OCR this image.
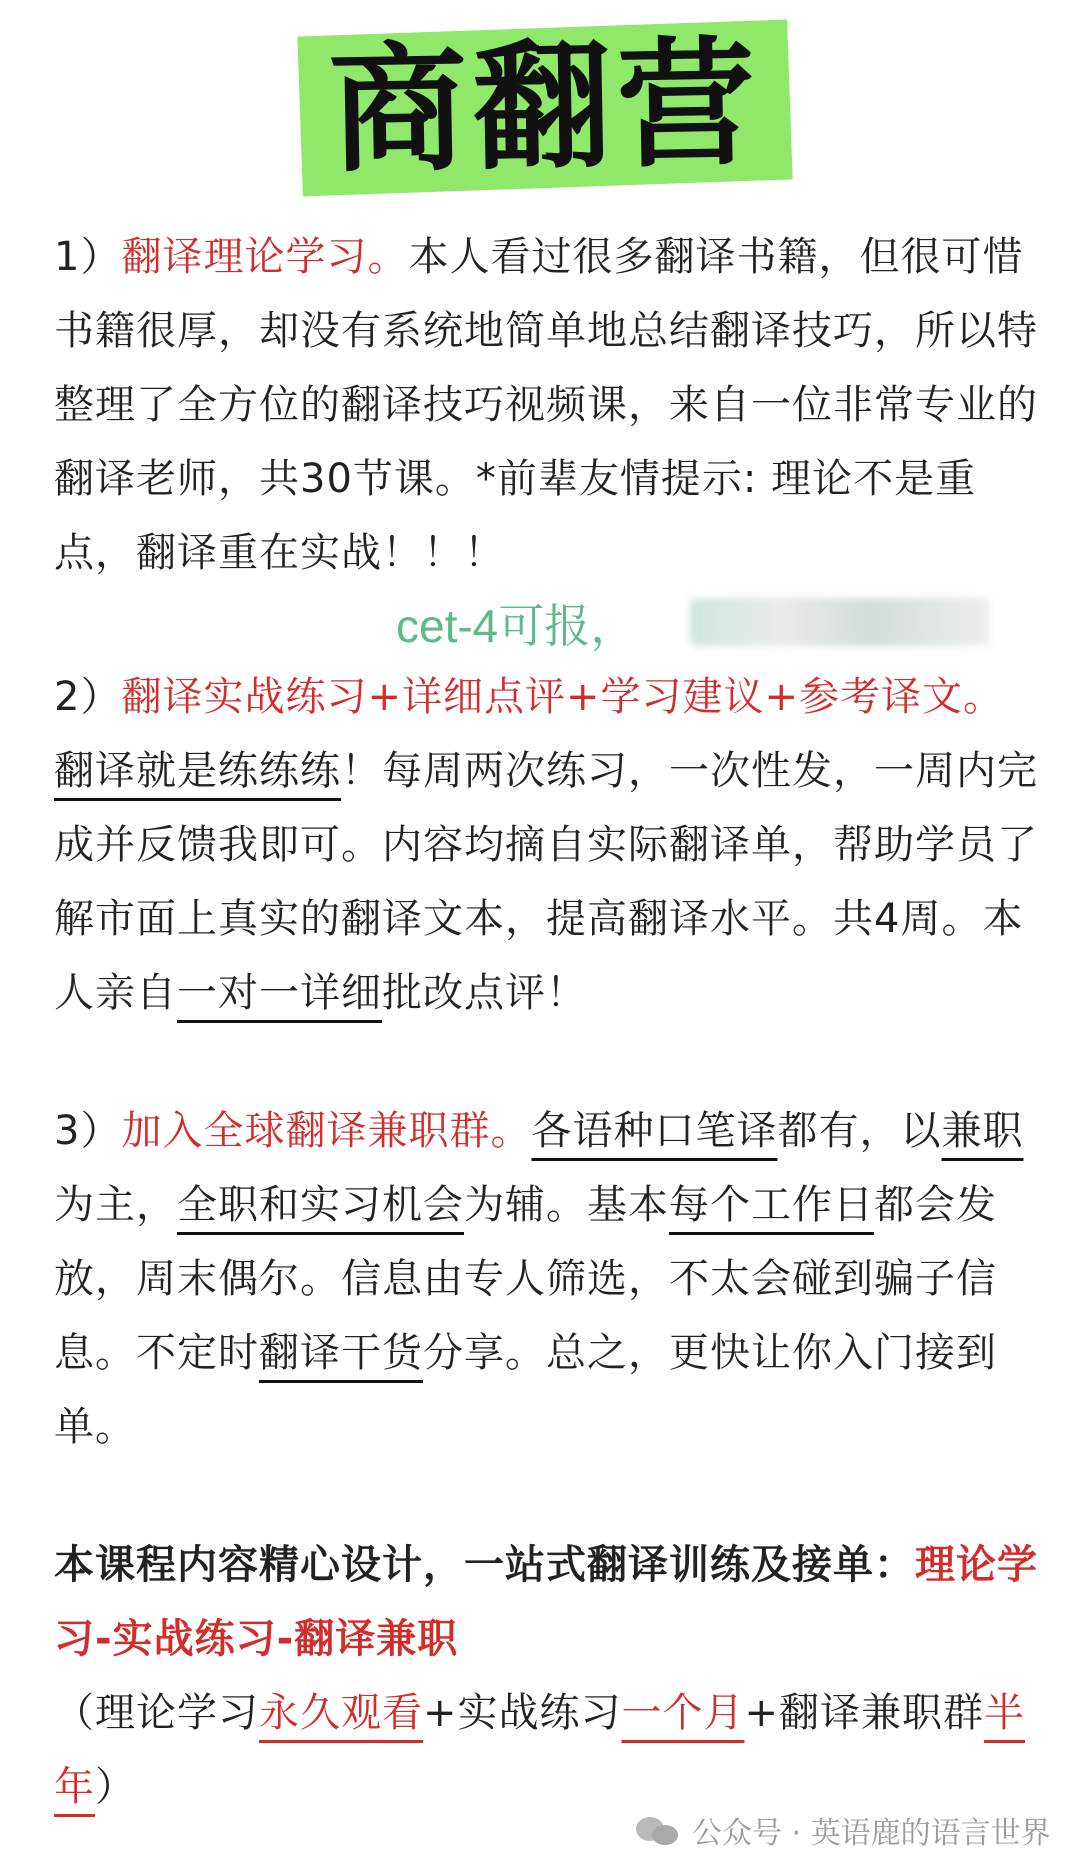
商翻营
1）翻译理论学习。本人看过很多翻译书籍，但很可惜书籍很厚，却没有系统地简单地总结翻译技巧，所以特整理了全方位的翻译技巧视频课，来自一位非常专业的翻译老师，共30节课。*前辈友情提示: 理论不是重点，翻译重在实战！！！
cet-4可报，
2）翻译实战练习+详细点评+学习建议+参考译文。翻译就是练练练！每周两次练习，一次性发，一周内完成并反馈我即可。内容均摘自实际翻译单，帮助学员了解市面上真实的翻译文本，提高翻译水平。共4周。本人亲自一对一详细批改点评！
3）加入全球翻译兼职群。各语种口笔译都有，以兼职为主，全职和实习机会为辅。基本每个工作日都会发放，周末偶尔。信息由专人筛选，不太会碰到骗子信息。不定时翻译干货分享。总之，更快让你入门接到单。
本课程内容精心设计，一站式翻译训练及接单：理论学习-实战练习-翻译兼职
（理论学习永久观看+实战练习一个月+翻译兼职群半年）
公众号 · 英语鹿的语言世界
